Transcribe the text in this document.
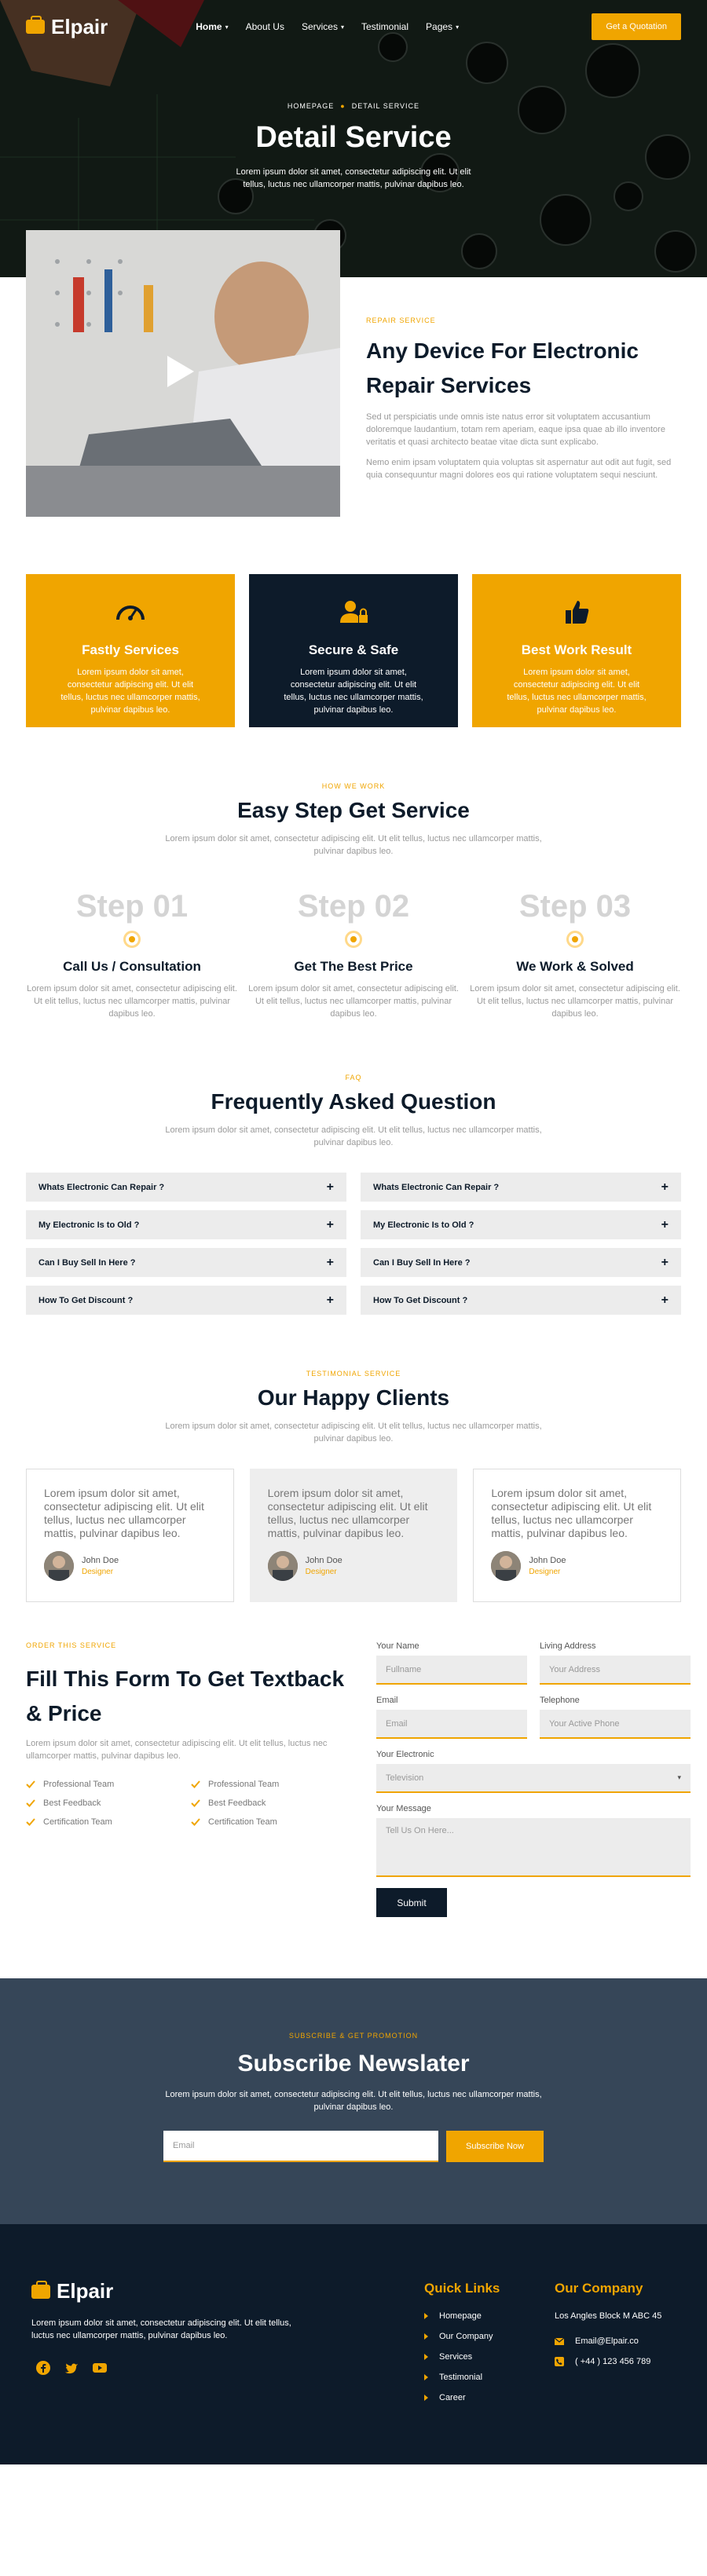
Elpair	Home ▾ About Us Services ▾ Testimonial Pages ▾	Get a Quotation
HOMEPAGE ● DETAIL SERVICE
Detail Service

Lorem ipsum dolor sit amet, consectetur adipiscing elit. Ut elit tellus, luctus nec ullamcorper mattis, pulvinar dapibus leo.

REPAIR SERVICE
Any Device For Electronic Repair Services

Sed ut perspiciatis unde omnis iste natus error sit voluptatem accusantium doloremque laudantium, totam rem aperiam, eaque ipsa quae ab illo inventore veritatis et quasi architecto beatae vitae dicta sunt explicabo.

Nemo enim ipsam voluptatem quia voluptas sit aspernatur aut odit aut fugit, sed quia consequuntur magni dolores eos qui ratione voluptatem sequi nesciunt.

Fastly Services

Lorem ipsum dolor sit amet, consectetur adipiscing elit. Ut elit tellus, luctus nec ullamcorper mattis, pulvinar dapibus leo.

Secure & Safe

Lorem ipsum dolor sit amet, consectetur adipiscing elit. Ut elit tellus, luctus nec ullamcorper mattis, pulvinar dapibus leo.

Best Work Result

Lorem ipsum dolor sit amet, consectetur adipiscing elit. Ut elit tellus, luctus nec ullamcorper mattis, pulvinar dapibus leo.

HOW WE WORK
Easy Step Get Service

Lorem ipsum dolor sit amet, consectetur adipiscing elit. Ut elit tellus, luctus nec ullamcorper mattis, pulvinar dapibus leo.

Step 01
Call Us / Consultation

Lorem ipsum dolor sit amet, consectetur adipiscing elit. Ut elit tellus, luctus nec ullamcorper mattis, pulvinar dapibus leo.

Step 02
Get The Best Price

Lorem ipsum dolor sit amet, consectetur adipiscing elit. Ut elit tellus, luctus nec ullamcorper mattis, pulvinar dapibus leo.

Step 03
We Work & Solved

Lorem ipsum dolor sit amet, consectetur adipiscing elit. Ut elit tellus, luctus nec ullamcorper mattis, pulvinar dapibus leo.

FAQ
Frequently Asked Question

Lorem ipsum dolor sit amet, consectetur adipiscing elit. Ut elit tellus, luctus nec ullamcorper mattis, pulvinar dapibus leo.

Whats Electronic Can Repair ?	+
My Electronic Is to Old ?	+
Can I Buy Sell In Here ?	+
How To Get Discount ?	+
Whats Electronic Can Repair ?	+
My Electronic Is to Old ?	+
Can I Buy Sell In Here ?	+
How To Get Discount ?	+
TESTIMONIAL SERVICE
Our Happy Clients

Lorem ipsum dolor sit amet, consectetur adipiscing elit. Ut elit tellus, luctus nec ullamcorper mattis, pulvinar dapibus leo.

Lorem ipsum dolor sit amet, consectetur adipiscing elit. Ut elit tellus, luctus nec ullamcorper mattis, pulvinar dapibus leo.

John Doe
Designer

Lorem ipsum dolor sit amet, consectetur adipiscing elit. Ut elit tellus, luctus nec ullamcorper mattis, pulvinar dapibus leo.

John Doe
Designer

Lorem ipsum dolor sit amet, consectetur adipiscing elit. Ut elit tellus, luctus nec ullamcorper mattis, pulvinar dapibus leo.

John Doe
Designer
ORDER THIS SERVICE
Fill This Form To Get Textback & Price

Lorem ipsum dolor sit amet, consectetur adipiscing elit. Ut elit tellus, luctus nec ullamcorper mattis, pulvinar dapibus leo.

Professional Team	Professional Team
Best Feedback	Best Feedback
Certification Team	Certification Team
Your Name
Fullname
Living Address
Your Address
Email
Email
Telephone
Your Active Phone
Your Electronic
Television	▾
Your Message
Tell Us On Here...
Submit
SUBSCRIBE & GET PROMOTION
Subscribe Newslater

Lorem ipsum dolor sit amet, consectetur adipiscing elit. Ut elit tellus, luctus nec ullamcorper mattis, pulvinar dapibus leo.

Email	Subscribe Now
Elpair

Lorem ipsum dolor sit amet, consectetur adipiscing elit. Ut elit tellus, luctus nec ullamcorper mattis, pulvinar dapibus leo.

Quick Links
Homepage
Our Company
Services
Testimonial
Career
Our Company
Los Angles Block M ABC 45
Email@Elpair.co
( +44 ) 123 456 789
